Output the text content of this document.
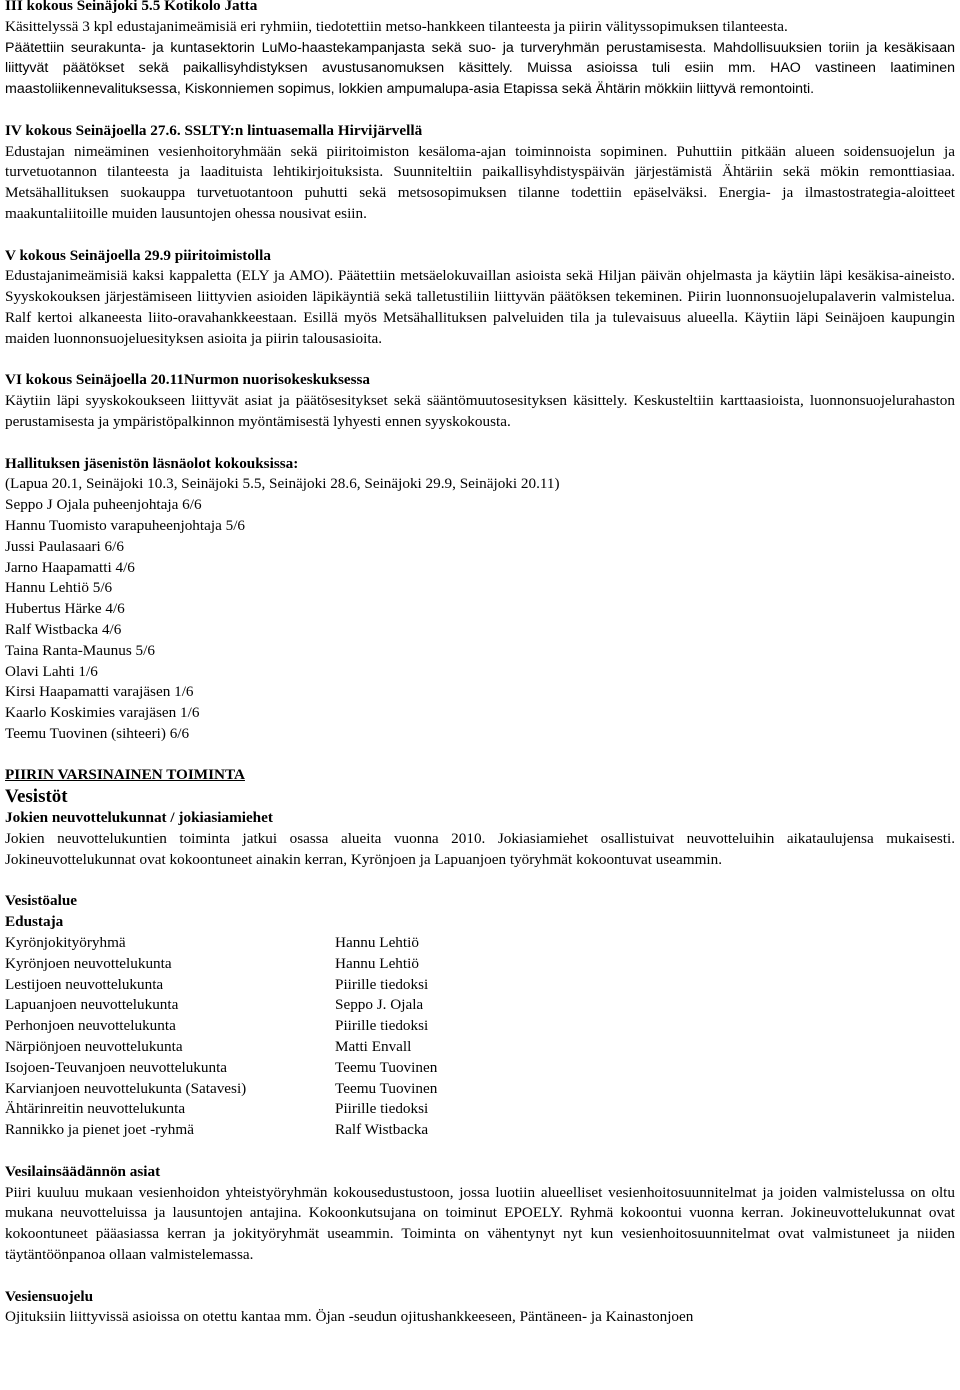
III kokous Seinäjoki 5.5 Kotikolo Jatta

Käsittelyssä 3 kpl edustajanimeämisiä eri ryhmiin, tiedotettiin metso-hankkeen tilanteesta ja piirin välityssopimuksen tilanteesta.

Päätettiin seurakunta- ja kuntasektorin LuMo-haastekampanjasta sekä suo- ja turveryhmän perustamisesta. Mahdollisuuksien toriin ja kesäkisaan liittyvät päätökset sekä paikallisyhdistyksen avustusanomuksen käsittely. Muissa asioissa tuli esiin mm. HAO vastineen laatiminen maastoliikennevalituksessa, Kiskonniemen sopimus, lokkien ampumalupa-asia Etapissa sekä Ähtärin mökkiin liittyvä remontointi.

IV kokous Seinäjoella 27.6. SSLTY:n lintuasemalla Hirvijärvellä

Edustajan nimeäminen vesienhoitoryhmään sekä piiritoimiston kesäloma-ajan toiminnoista sopiminen. Puhuttiin pitkään alueen soidensuojelun ja turvetuotannon tilanteesta ja laadituista lehtikirjoituksista. Suunniteltiin paikallisyhdistyspäivän järjestämistä Ähtäriin sekä mökin remonttiasiaa. Metsähallituksen suokauppa turvetuotantoon puhutti sekä metsosopimuksen tilanne todettiin epäselväksi. Energia- ja ilmastostrategia-aloitteet maakuntaliitoille muiden lausuntojen ohessa nousivat esiin.

V kokous Seinäjoella 29.9 piiritoimistolla

Edustajanimeämisiä kaksi kappaletta (ELY ja AMO). Päätettiin metsäelokuvaillan asioista sekä Hiljan päivän ohjelmasta ja käytiin läpi kesäkisa-aineisto. Syyskokouksen järjestämiseen liittyvien asioiden läpikäyntiä sekä talletustiliin liittyvän päätöksen tekeminen. Piirin luonnonsuojelupalaverin valmistelua. Ralf kertoi alkaneesta liito-oravahankkeestaan. Esillä myös Metsähallituksen palveluiden tila ja tulevaisuus alueella. Käytiin läpi Seinäjoen kaupungin maiden luonnonsuojeluesityksen asioita ja piirin talousasioita.

VI kokous Seinäjoella 20.11Nurmon nuorisokeskuksessa

Käytiin läpi syyskokoukseen liittyvät asiat ja päätösesitykset sekä sääntömuutosesityksen käsittely. Keskusteltiin karttaasioista, luonnonsuojelurahaston perustamisesta ja ympäristöpalkinnon myöntämisestä lyhyesti ennen syyskokousta.

Hallituksen jäsenistön läsnäolot kokouksissa:

(Lapua 20.1, Seinäjoki 10.3, Seinäjoki 5.5, Seinäjoki 28.6, Seinäjoki 29.9, Seinäjoki 20.11)

Seppo J Ojala puheenjohtaja 6/6

Hannu Tuomisto varapuheenjohtaja 5/6

Jussi Paulasaari 6/6

Jarno Haapamatti 4/6

Hannu Lehtiö 5/6

Hubertus Härke 4/6

Ralf Wistbacka 4/6

Taina Ranta-Maunus 5/6

Olavi Lahti 1/6

Kirsi Haapamatti varajäsen 1/6

Kaarlo Koskimies varajäsen 1/6

Teemu Tuovinen (sihteeri) 6/6

PIIRIN VARSINAINEN TOIMINTA

Vesistöt

Jokien neuvottelukunnat / jokiasiamiehet

Jokien neuvottelukuntien toiminta jatkui osassa alueita vuonna 2010. Jokiasiamiehet osallistuivat neuvotteluihin aikataulujensa mukaisesti. Jokineuvottelukunnat ovat kokoontuneet ainakin kerran, Kyrönjoen ja Lapuanjoen työryhmät kokoontuvat useammin.

Vesistöalue

Edustaja

Kyrönjokityöryhmä	Hannu Lehtiö
Kyrönjoen neuvottelukunta	Hannu Lehtiö
Lestijoen neuvottelukunta	Piirille tiedoksi
Lapuanjoen neuvottelukunta	Seppo J. Ojala
Perhonjoen neuvottelukunta	Piirille tiedoksi
Närpiönjoen neuvottelukunta	Matti Envall
Isojoen-Teuvanjoen neuvottelukunta	Teemu Tuovinen
Karvianjoen neuvottelukunta (Satavesi)	Teemu Tuovinen
Ähtärinreitin neuvottelukunta	Piirille tiedoksi
Rannikko ja pienet joet -ryhmä	Ralf Wistbacka

Vesilainsäädännön asiat

Piiri kuuluu mukaan vesienhoidon yhteistyöryhmän kokousedustustoon, jossa luotiin alueelliset vesienhoitosuunnitelmat ja joiden valmistelussa on oltu mukana neuvotteluissa ja lausuntojen antajina. Kokoonkutsujana on toiminut EPOELY. Ryhmä kokoontui vuonna kerran. Jokineuvottelukunnat ovat kokoontuneet pääasiassa kerran ja jokityöryhmät useammin. Toiminta on vähentynyt nyt kun vesienhoitosuunnitelmat ovat valmistuneet ja niiden täytäntöönpanoa ollaan valmistelemassa.

Vesiensuojelu

Ojituksiin liittyvissä asioissa on otettu kantaa mm. Öjan -seudun ojitushankkeeseen, Päntäneen- ja Kainastonjoen
